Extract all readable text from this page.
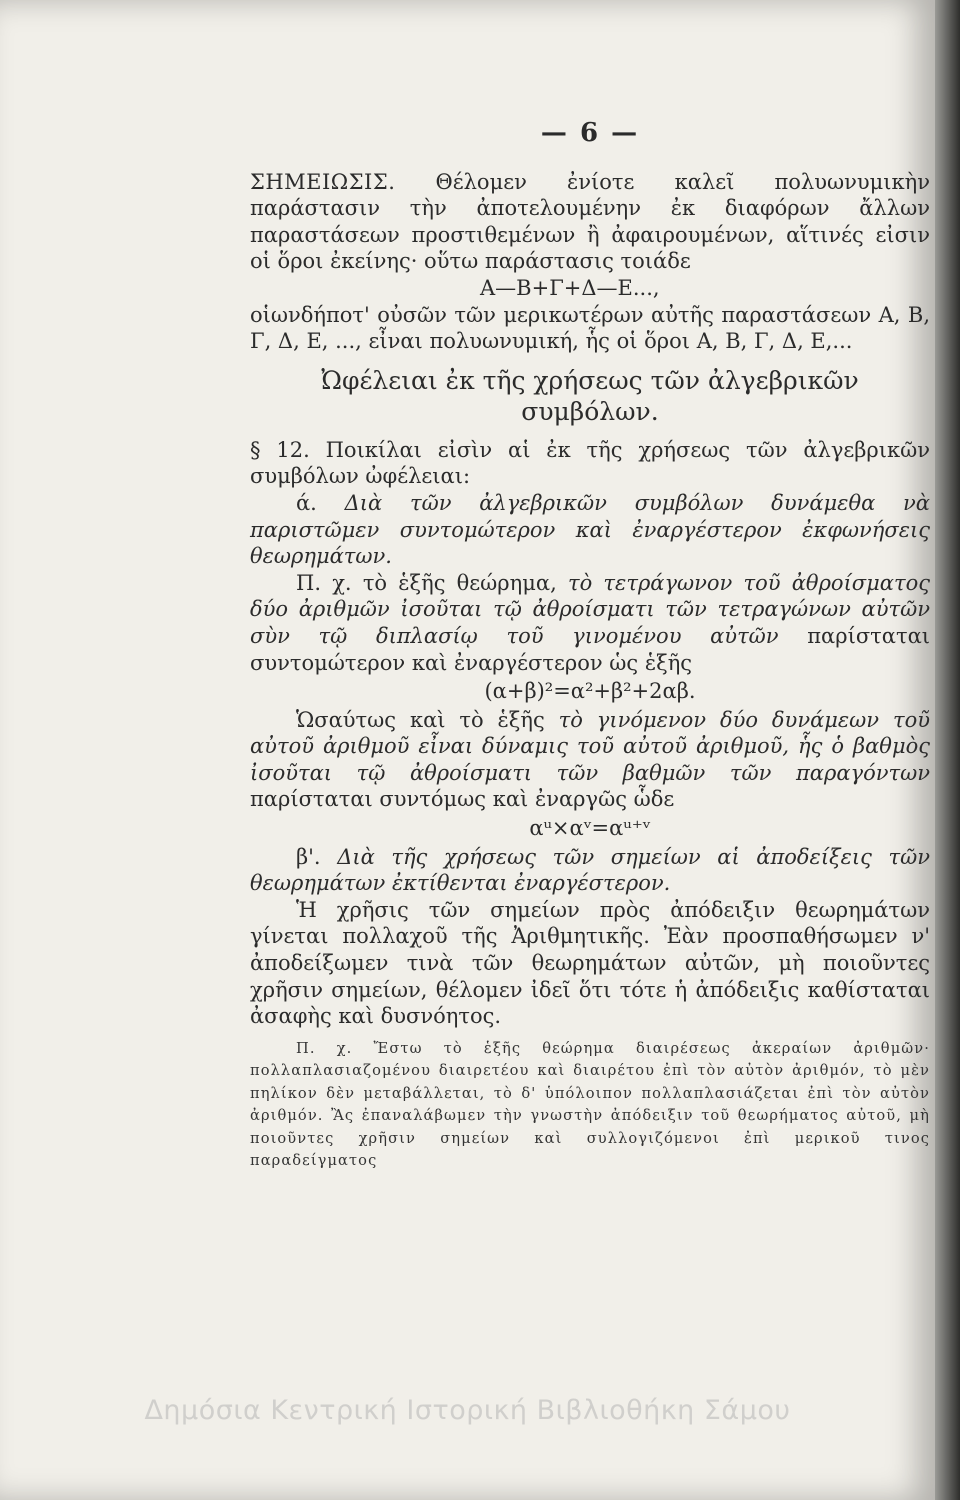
— 6 —

ΣΗΜΕΙΩΣΙΣ. Θέλομεν ἐνίοτε καλεῖ πολυωνυμικὴν παράστασιν τὴν ἀποτελουμένην ἐκ διαφόρων ἄλλων παραστάσεων προστιθεμένων ἢ ἀφαιρουμένων, αἵτινές εἰσιν οἱ ὅροι ἐκείνης· οὕτω παράστασις τοιάδε

Α—Β+Γ+Δ—Ε...,

οἱωνδήποτ' οὐσῶν τῶν μερικωτέρων αὐτῆς παραστάσεων Α, Β, Γ, Δ, Ε, ..., εἶναι πολυωνυμική, ἧς οἱ ὅροι Α, Β, Γ, Δ, Ε,...

Ὠφέλειαι ἐκ τῆς χρήσεως τῶν ἀλγεβρικῶν συμβόλων.

§ 12. Ποικίλαι εἰσὶν αἱ ἐκ τῆς χρήσεως τῶν ἀλγεβρικῶν συμβόλων ὠφέλειαι:

ά. Διὰ τῶν ἀλγεβρικῶν συμβόλων δυνάμεθα νὰ παριστῶμεν συντομώτερον καὶ ἐναργέστερον ἐκφωνήσεις θεωρημάτων.

Π. χ. τὸ ἑξῆς θεώρημα, τὸ τετράγωνον τοῦ ἀθροίσματος δύο ἀριθμῶν ἰσοῦται τῷ ἀθροίσματι τῶν τετραγώνων αὐτῶν σὺν τῷ διπλασίῳ τοῦ γινομένου αὐτῶν παρίσταται συντομώτερον καὶ ἐναργέστερον ὡς ἑξῆς

(α+β)²=α²+β²+2αβ.

Ὡσαύτως καὶ τὸ ἑξῆς τὸ γινόμενον δύο δυνάμεων τοῦ αὐτοῦ ἀριθμοῦ εἶναι δύναμις τοῦ αὐτοῦ ἀριθμοῦ, ἧς ὁ βαθμὸς ἰσοῦται τῷ ἀθροίσματι τῶν βαθμῶν τῶν παραγόντων παρίσταται συντόμως καὶ ἐναργῶς ὧδε

αᵘ×αᵛ=αᵘ⁺ᵛ

β'. Διὰ τῆς χρήσεως τῶν σημείων αἱ ἀποδείξεις τῶν θεωρημάτων ἐκτίθενται ἐναργέστερον.

Ἡ χρῆσις τῶν σημείων πρὸς ἀπόδειξιν θεωρημάτων γίνεται πολλαχοῦ τῆς Ἀριθμητικῆς. Ἐὰν προσπαθήσωμεν ν' ἀποδείξωμεν τινὰ τῶν θεωρημάτων αὐτῶν, μὴ ποιοῦντες χρῆσιν σημείων, θέλομεν ἰδεῖ ὅτι τότε ἡ ἀπόδειξις καθίσταται ἀσαφὴς καὶ δυσνόητος.

Π. χ. Ἔστω τὸ ἑξῆς θεώρημα διαιρέσεως ἀκεραίων ἀριθμῶν· πολλαπλασιαζομένου διαιρετέου καὶ διαιρέτου ἐπὶ τὸν αὐτὸν ἀριθμόν, τὸ μὲν πηλίκον δὲν μεταβάλλεται, τὸ δ' ὑπόλοιπον πολλαπλασιάζεται ἐπὶ τὸν αὐτὸν ἀριθμόν. Ἂς ἐπαναλάβωμεν τὴν γνωστὴν ἀπόδειξιν τοῦ θεωρήματος αὐτοῦ, μὴ ποιοῦντες χρῆσιν σημείων καὶ συλλογιζόμενοι ἐπὶ μερικοῦ τινος παραδείγματος

Δημόσια Κεντρική Ιστορική Βιβλιοθήκη Σάμου
